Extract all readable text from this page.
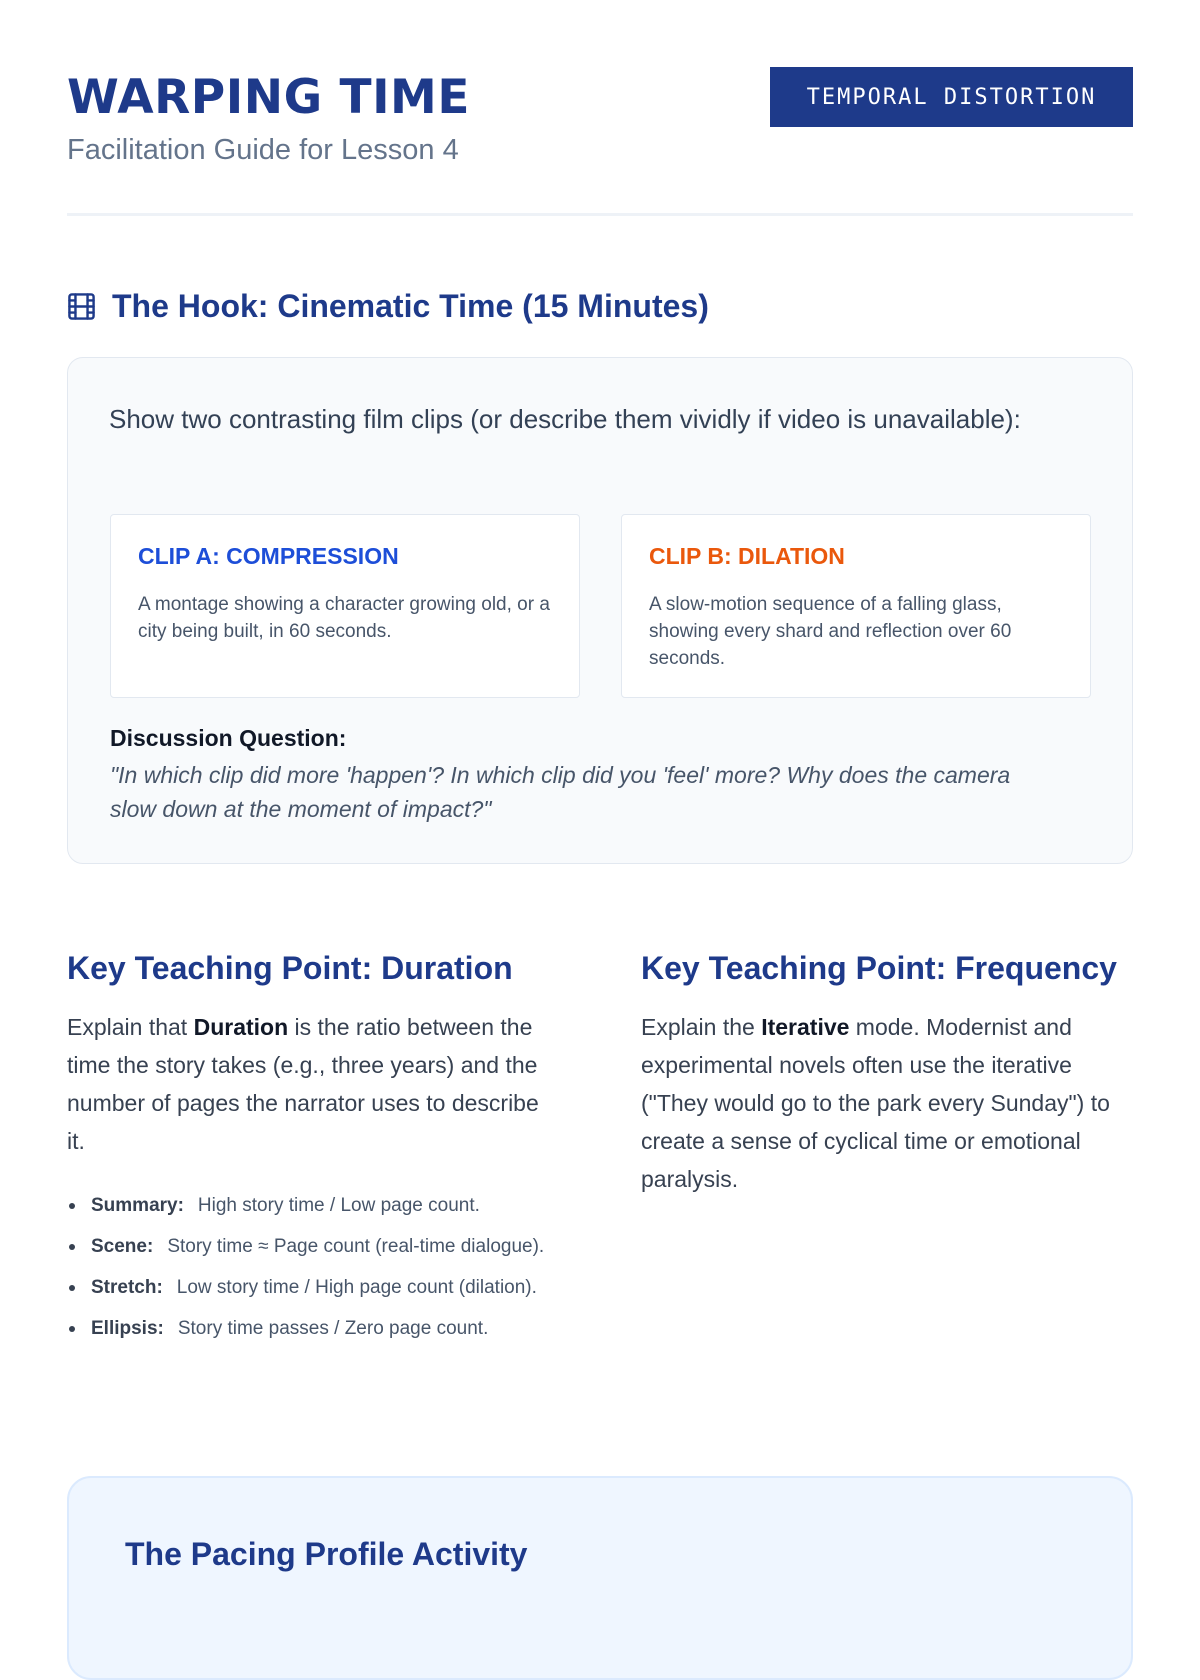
WARPING TIME

Facilitation Guide for Lesson 4

TEMPORAL DISTORTION
The Hook: Cinematic Time (15 Minutes)

Show two contrasting film clips (or describe them vividly if video is unavailable):

CLIP A: COMPRESSION

A montage showing a character growing old, or a city being built, in 60 seconds.

CLIP B: DILATION

A slow-motion sequence of a falling glass, showing every shard and reflection over 60 seconds.

Discussion Question:

"In which clip did more 'happen'? In which clip did you 'feel' more? Why does the camera slow down at the moment of impact?"

Key Teaching Point: Duration

Explain that Duration is the ratio between the time the story takes (e.g., three years) and the number of pages the narrator uses to describe it.

Summary: High story time / Low page count.
Scene: Story time ≈ Page count (real-time dialogue).
Stretch: Low story time / High page count (dilation).
Ellipsis: Story time passes / Zero page count.
Key Teaching Point: Frequency

Explain the Iterative mode. Modernist and experimental novels often use the iterative ("They would go to the park every Sunday") to create a sense of cyclical time or emotional paralysis.

The Pacing Profile Activity
